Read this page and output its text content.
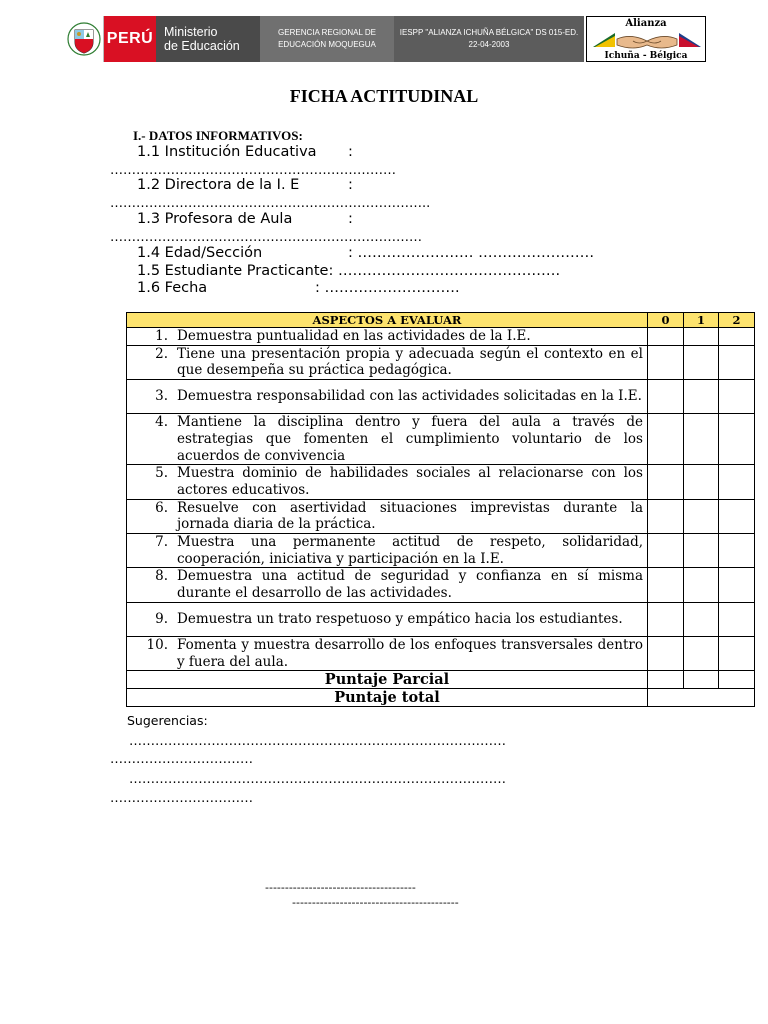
PERÚ Ministerio
de Educación
GERENCIA REGIONAL DE
EDUCACIÓN MOQUEGUA
IESPP "ALIANZA ICHUÑA BÉLGICA" DS 015-ED.
22-04-2003
Alianza
Ichuña - Bélgica
FICHA ACTITUDINAL
I.- DATOS INFORMATIVOS:
1.1 Institución Educativa :
…………………………………………………………
1.2 Directora de la I. E	:
………………………………………………………………..
1.3 Profesora de Aula	:
………………………………………………………………
1.4 Edad/Sección	: …………………… ……………………
1.5 Estudiante Practicante: ……………………………………….
1.6 Fecha	: ……………………….
ASPECTOS A EVALUAR	0	1	2

1. Demuestra puntualidad en las actividades de la I.E.			

2. Tiene una presentación propia y adecuada según el contexto en el que desempeña su práctica pedagógica.			

3. Demuestra responsabilidad con las actividades solicitadas en la I.E.			

4. Mantiene la disciplina dentro y fuera del aula a través de estrategias que fomenten el cumplimiento voluntario de los acuerdos de convivencia			

5. Muestra dominio de habilidades sociales al relacionarse con los actores educativos.			

6. Resuelve con asertividad situaciones imprevistas durante la jornada diaria de la práctica.			

7. Muestra una permanente actitud de respeto, solidaridad, cooperación, iniciativa y participación en la I.E.			

8. Demuestra una actitud de seguridad y confianza en sí misma durante el desarrollo de las actividades.			

9. Demuestra un trato respetuoso y empático hacia los estudiantes.			

10. Fomenta y muestra desarrollo de los enfoques transversales dentro y fuera del aula.			

Puntaje Parcial			
Puntaje total			
Sugerencias:
……………………………………………………………………………
……………………………
……………………………………………………………………………
……………………………
--------------------------------------
------------------------------------------
